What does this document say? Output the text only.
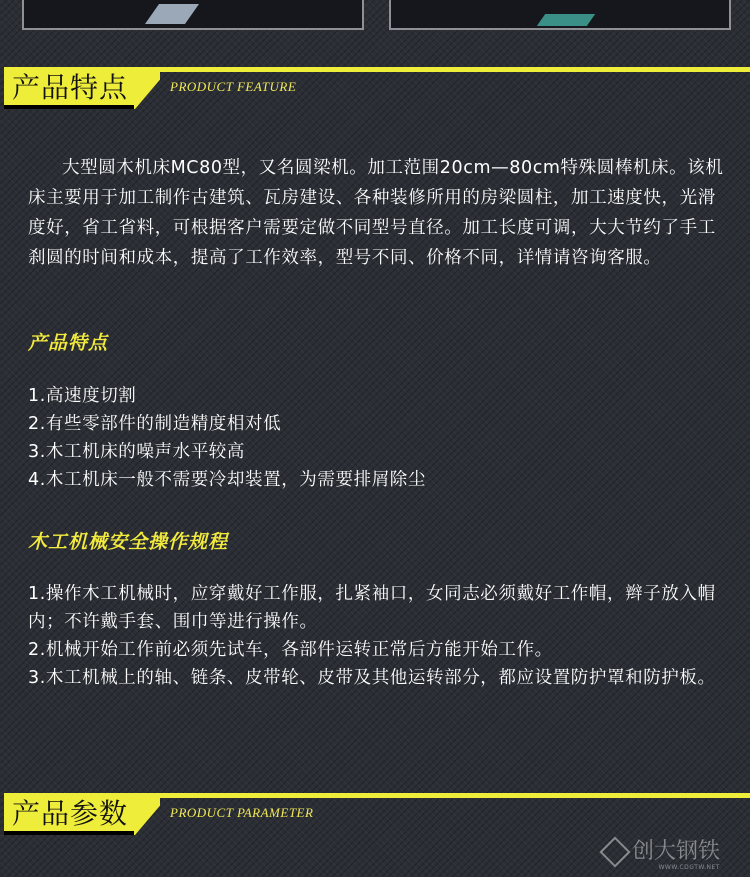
产品特点	PRODUCT FEATURE

大型圆木机床MC80型，又名圆梁机。加工范围20cm—80cm特殊圆棒机床。该机床主要用于加工制作古建筑、瓦房建设、各种装修所用的房梁圆柱，加工速度快，光滑度好，省工省料，可根据客户需要定做不同型号直径。加工长度可调，大大节约了手工刹圆的时间和成本，提高了工作效率，型号不同、价格不同，详情请咨询客服。

产品特点
1.高速度切割
2.有些零部件的制造精度相对低
3.木工机床的噪声水平较高
4.木工机床一般不需要冷却装置，为需要排屑除尘
木工机械安全操作规程
1.操作木工机械时，应穿戴好工作服，扎紧袖口，女同志必须戴好工作帽，辫子放入帽内；不许戴手套、围巾等进行操作。
2.机械开始工作前必须先试车，各部件运转正常后方能开始工作。
3.木工机械上的轴、链条、皮带轮、皮带及其他运转部分，都应设置防护罩和防护板。
产品参数	PRODUCT PARAMETER
创大钢铁
WWW.CDGTW.NET
